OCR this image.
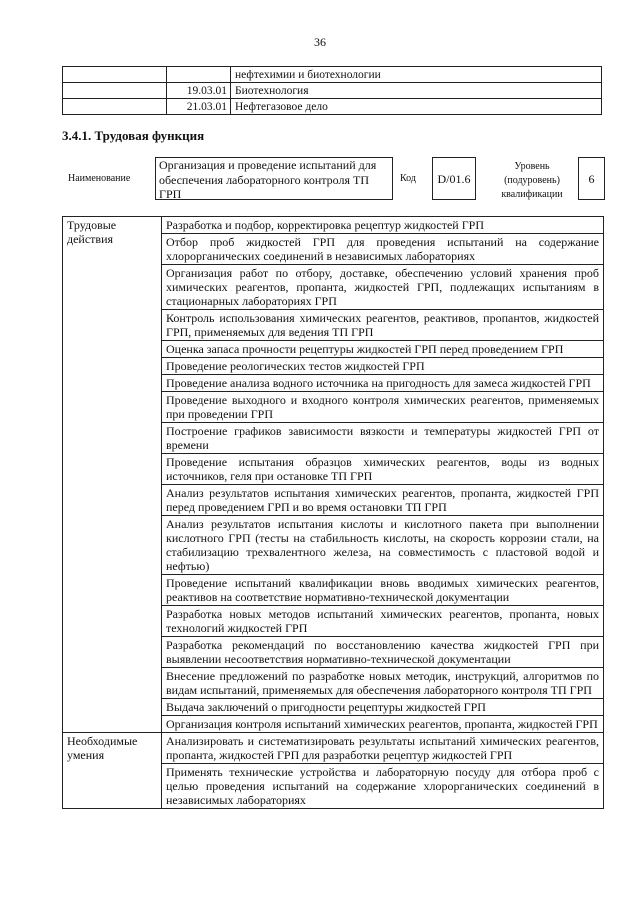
36
		нефтехимии и биотехнологии
	19.03.01	Биотехнология
	21.03.01	Нефтегазовое дело
3.4.1. Трудовая функция
Наименование
Организация и проведение испытаний для обеспечения лабораторного контроля ТП ГРП
Код	D/01.6
Уровень (подуровень) квалификации
6
Трудовые действия	Разработка и подбор, корректировка рецептур жидкостей ГРП
	Отбор проб жидкостей ГРП для проведения испытаний на содержание хлорорганических соединений в независимых лабораториях
	Организация работ по отбору, доставке, обеспечению условий хранения проб химических реагентов, пропанта, жидкостей ГРП, подлежащих испытаниям в стационарных лабораториях ГРП
	Контроль использования химических реагентов, реактивов, пропантов, жидкостей ГРП, применяемых для ведения ТП ГРП
	Оценка запаса прочности рецептуры жидкостей ГРП перед проведением ГРП
	Проведение реологических тестов жидкостей ГРП
	Проведение анализа водного источника на пригодность для замеса жидкостей ГРП
	Проведение выходного и входного контроля химических реагентов, применяемых при проведении ГРП
	Построение графиков зависимости вязкости и температуры жидкостей ГРП от времени
	Проведение испытания образцов химических реагентов, воды из водных источников, геля при остановке ТП ГРП
	Анализ результатов испытания химических реагентов, пропанта, жидкостей ГРП перед проведением ГРП и во время остановки ТП ГРП
	Анализ результатов испытания кислоты и кислотного пакета при выполнении кислотного ГРП (тесты на стабильность кислоты, на скорость коррозии стали, на стабилизацию трехвалентного железа, на совместимость с пластовой водой и нефтью)
	Проведение испытаний квалификации вновь вводимых химических реагентов, реактивов на соответствие нормативно-технической документации
	Разработка новых методов испытаний химических реагентов, пропанта, новых технологий жидкостей ГРП
	Разработка рекомендаций по восстановлению качества жидкостей ГРП при выявлении несоответствия нормативно-технической документации
	Внесение предложений по разработке новых методик, инструкций, алгоритмов по видам испытаний, применяемых для обеспечения лабораторного контроля ТП ГРП
	Выдача заключений о пригодности рецептуры жидкостей ГРП
	Организация контроля испытаний химических реагентов, пропанта, жидкостей ГРП
Необходимые умения	Анализировать и систематизировать результаты испытаний химических реагентов, пропанта, жидкостей ГРП для разработки рецептур жидкостей ГРП
	Применять технические устройства и лабораторную посуду для отбора проб с целью проведения испытаний на содержание хлорорганических соединений в независимых лабораториях
